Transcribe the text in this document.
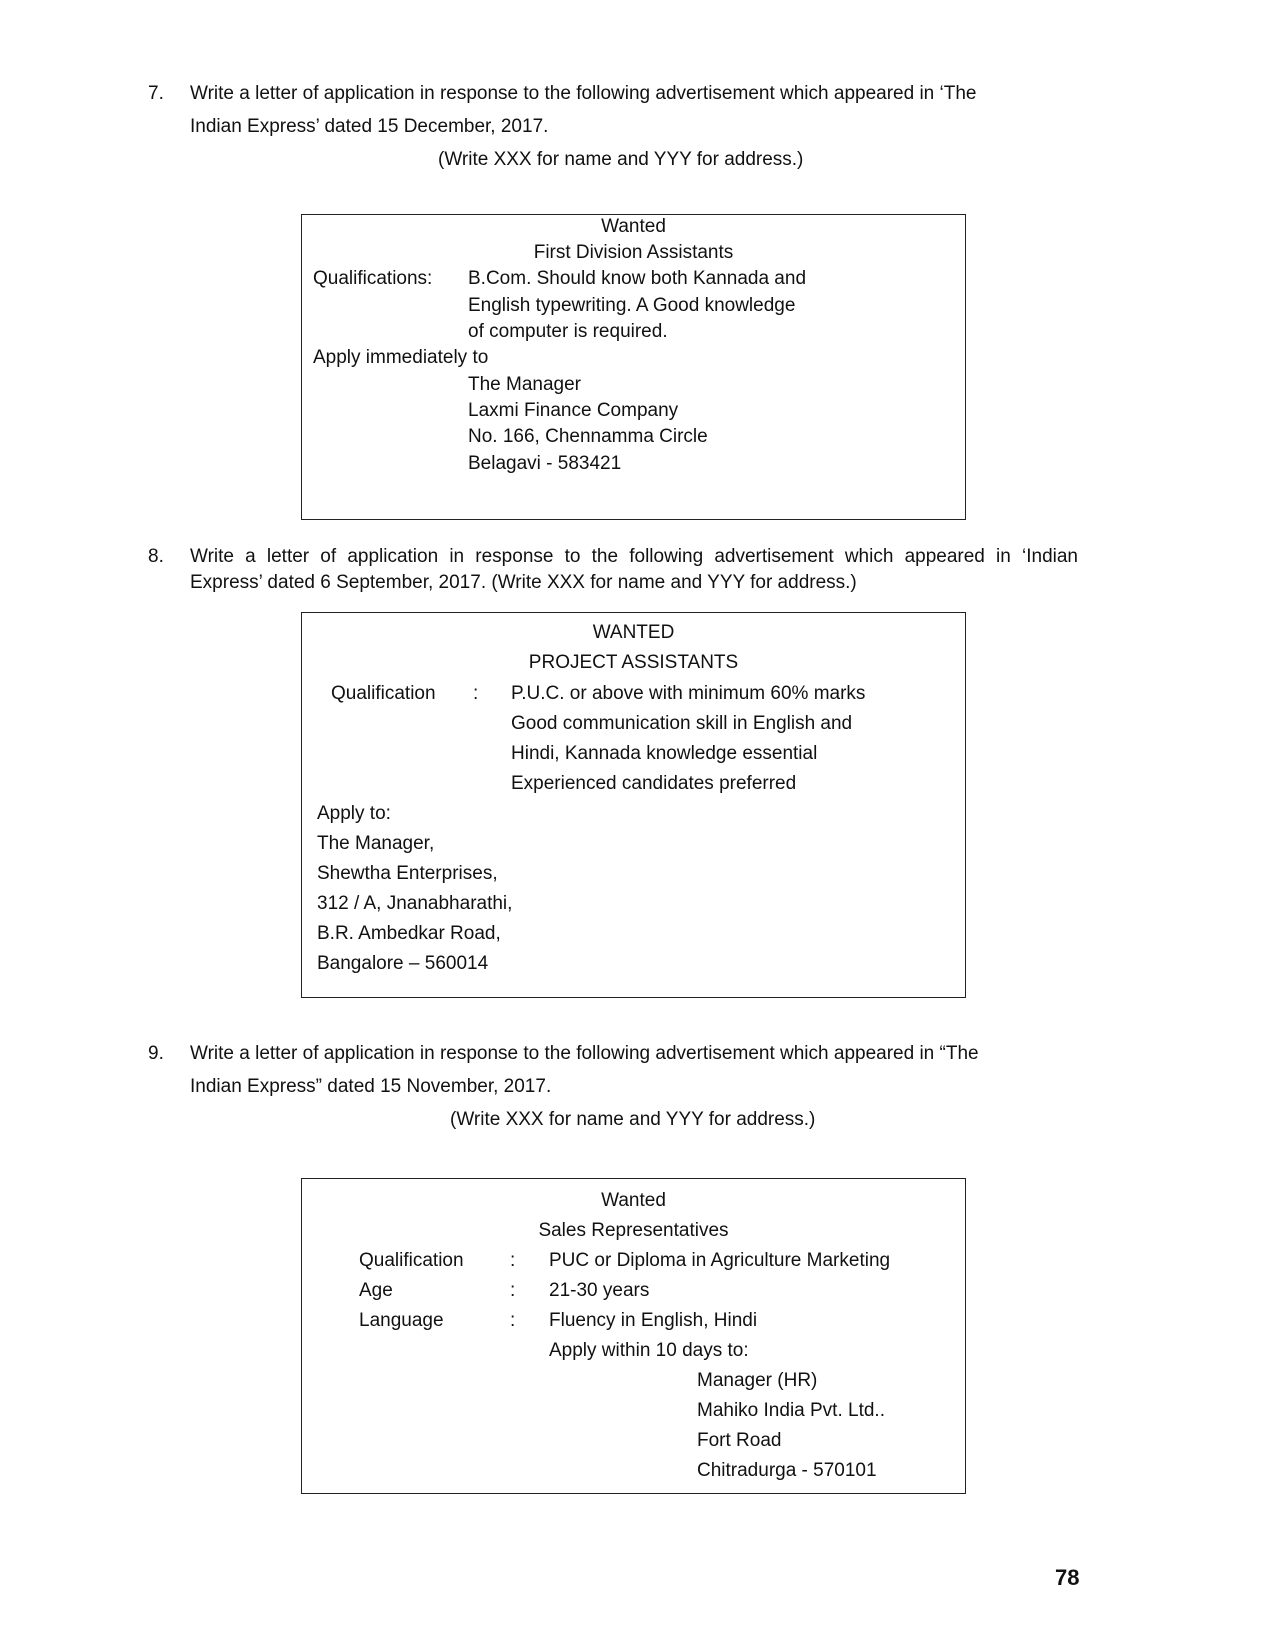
7. Write a letter of application in response to the following advertisement which appeared in ‘The
Indian Express’ dated 15 December, 2017.
(Write XXX for name and YYY for address.)
Wanted
First Division Assistants
Qualifications: B.Com. Should know both Kannada and
English typewriting. A Good knowledge
of computer is required.
Apply immediately to
The Manager
Laxmi Finance Company
No. 166, Chennamma Circle
Belagavi - 583421
8. Write a letter of application in response to the following advertisement which appeared in ‘Indian
Express’ dated 6 September, 2017. (Write XXX for name and YYY for address.)
WANTED
PROJECT ASSISTANTS
Qualification : P.U.C. or above with minimum 60% marks
Good communication skill in English and
Hindi, Kannada knowledge essential
Experienced candidates preferred
Apply to:
The Manager,
Shewtha Enterprises,
312 / A, Jnanabharathi,
B.R. Ambedkar Road,
Bangalore – 560014
9. Write a letter of application in response to the following advertisement which appeared in “The
Indian Express” dated 15 November, 2017.
(Write XXX for name and YYY for address.)
Wanted
Sales Representatives
Qualification : PUC or Diploma in Agriculture Marketing
Age	: 21-30 years
Language	: Fluency in English, Hindi
Apply within 10 days to:
Manager (HR)
Mahiko India Pvt. Ltd..
Fort Road
Chitradurga - 570101
78
